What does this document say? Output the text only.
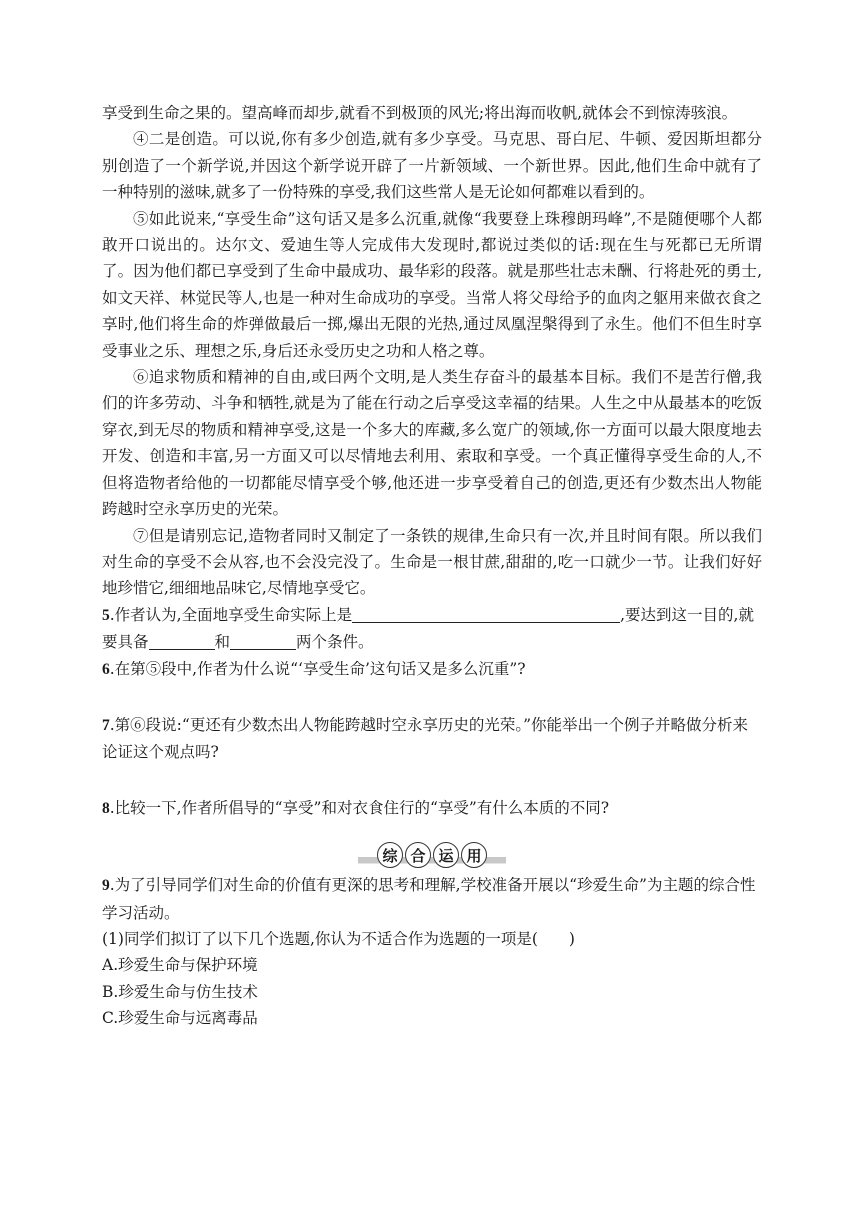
享受到生命之果的。望高峰而却步,就看不到极顶的风光;将出海而收帆,就体会不到惊涛骇浪。

④二是创造。可以说,你有多少创造,就有多少享受。马克思、哥白尼、牛顿、爱因斯坦都分别创造了一个新学说,并因这个新学说开辟了一片新领域、一个新世界。因此,他们生命中就有了一种特别的滋味,就多了一份特殊的享受,我们这些常人是无论如何都难以看到的。

⑤如此说来,“享受生命”这句话又是多么沉重,就像“我要登上珠穆朗玛峰”,不是随便哪个人都敢开口说出的。达尔文、爱迪生等人完成伟大发现时,都说过类似的话:现在生与死都已无所谓了。因为他们都已享受到了生命中最成功、最华彩的段落。就是那些壮志未酬、行将赴死的勇士,如文天祥、林觉民等人,也是一种对生命成功的享受。当常人将父母给予的血肉之躯用来做衣食之享时,他们将生命的炸弹做最后一掷,爆出无限的光热,通过凤凰涅槃得到了永生。他们不但生时享受事业之乐、理想之乐,身后还永受历史之功和人格之尊。

⑥追求物质和精神的自由,或曰两个文明,是人类生存奋斗的最基本目标。我们不是苦行僧,我们的许多劳动、斗争和牺牲,就是为了能在行动之后享受这幸福的结果。人生之中从最基本的吃饭穿衣,到无尽的物质和精神享受,这是一个多大的库藏,多么宽广的领域,你一方面可以最大限度地去开发、创造和丰富,另一方面又可以尽情地去利用、索取和享受。一个真正懂得享受生命的人,不但将造物者给他的一切都能尽情享受个够,他还进一步享受着自己的创造,更还有少数杰出人物能跨越时空永享历史的光荣。

⑦但是请别忘记,造物者同时又制定了一条铁的规律,生命只有一次,并且时间有限。所以我们对生命的享受不会从容,也不会没完没了。生命是一根甘蔗,甜甜的,吃一口就少一节。让我们好好地珍惜它,细细地品味它,尽情地享受它。

5.作者认为,全面地享受生命实际上是	,要达到这一目的,就要具备	和	两个条件。

6.在第⑤段中,作者为什么说“‘享受生命’这句话又是多么沉重”?

7.第⑥段说:“更还有少数杰出人物能跨越时空永享历史的光荣。”你能举出一个例子并略做分析来论证这个观点吗?

8.比较一下,作者所倡导的“享受”和对衣食住行的“享受”有什么本质的不同?

综 合 运 用

9.为了引导同学们对生命的价值有更深的思考和理解,学校准备开展以“珍爱生命”为主题的综合性学习活动。

(1)同学们拟订了以下几个选题,你认为不适合作为选题的一项是(　　)

A.珍爱生命与保护环境

B.珍爱生命与仿生技术

C.珍爱生命与远离毒品
